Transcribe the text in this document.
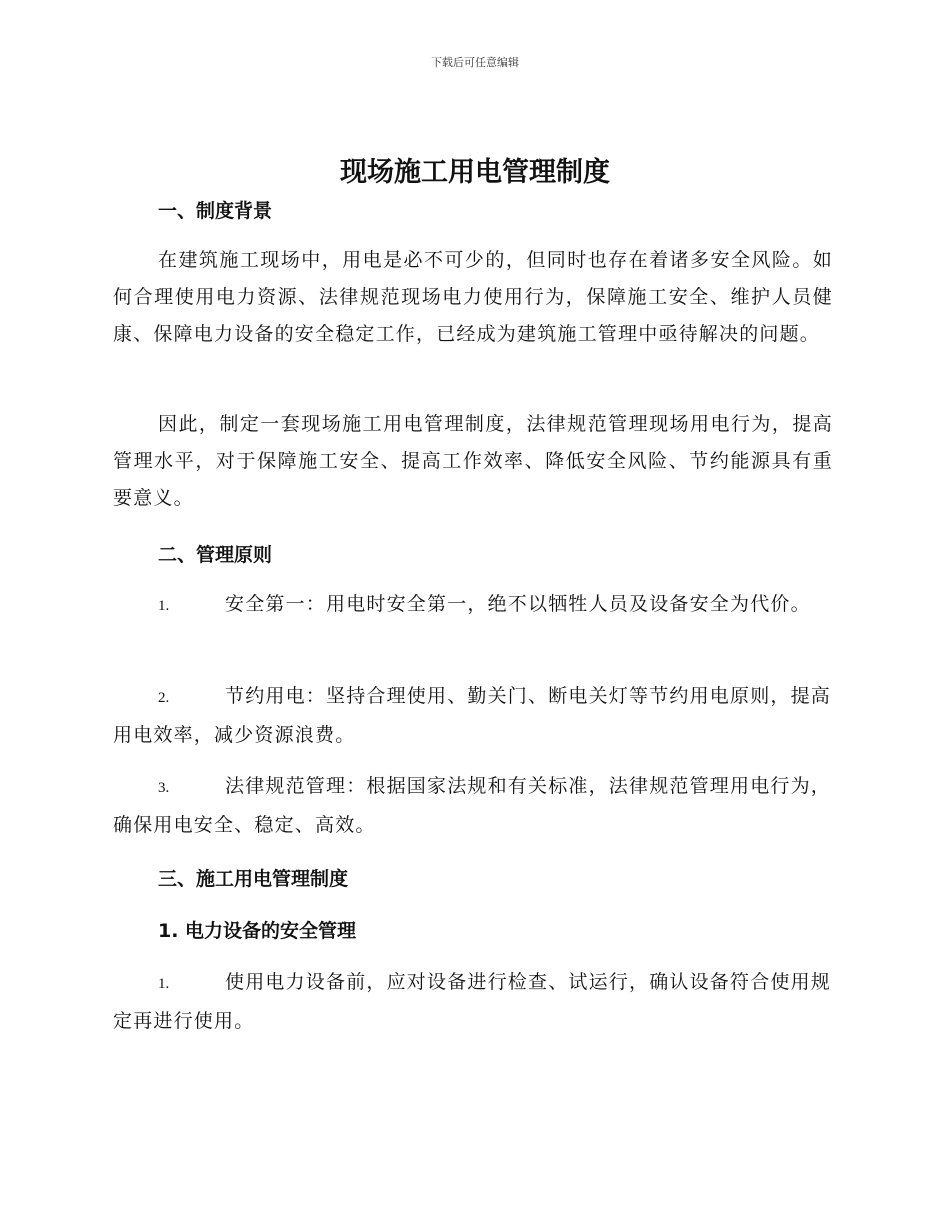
下载后可任意编辑
现场施工用电管理制度
一、制度背景
在建筑施工现场中，用电是必不可少的，但同时也存在着诸多安全风险。如何合理使用电力资源、法律规范现场电力使用行为，保障施工安全、维护人员健康、保障电力设备的安全稳定工作，已经成为建筑施工管理中亟待解决的问题。
因此，制定一套现场施工用电管理制度，法律规范管理现场用电行为，提高管理水平，对于保障施工安全、提高工作效率、降低安全风险、节约能源具有重要意义。
二、管理原则
1.	安全第一：用电时安全第一，绝不以牺牲人员及设备安全为代价。
2.	节约用电：坚持合理使用、勤关门、断电关灯等节约用电原则，提高用电效率，减少资源浪费。
3.	法律规范管理：根据国家法规和有关标准，法律规范管理用电行为，确保用电安全、稳定、高效。
三、施工用电管理制度
1. 电力设备的安全管理
1.	使用电力设备前，应对设备进行检查、试运行，确认设备符合使用规定再进行使用。
